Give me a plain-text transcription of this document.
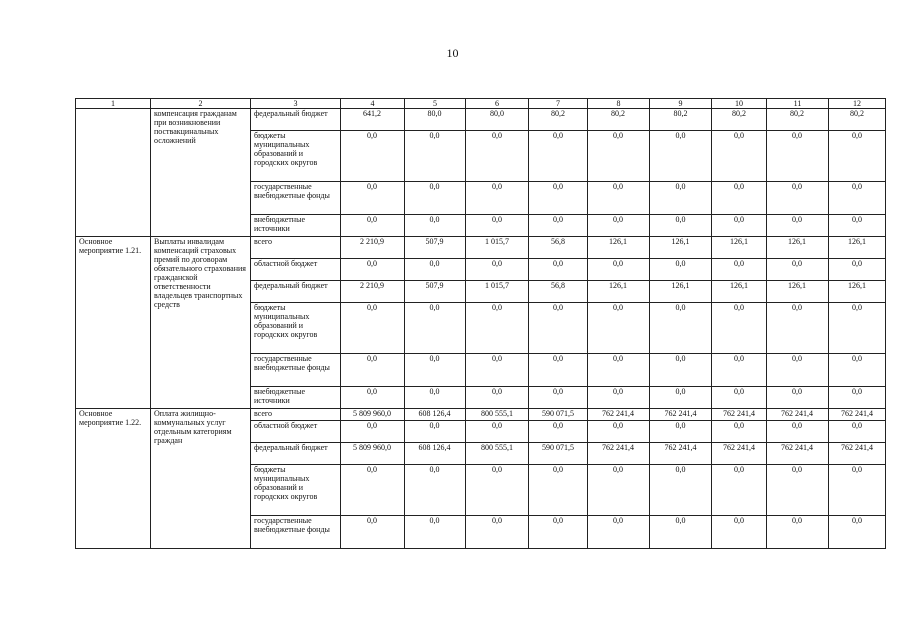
10
1	2	3	4	5	6	7	8	9	10	11	12
	компенсация гражданам при возникновении поствакцинальных осложнений	федеральный бюджет	641,2	80,0	80,0	80,2	80,2	80,2	80,2	80,2	80,2
		бюджеты муниципальных образований и городских округов	0,0	0,0	0,0	0,0	0,0	0,0	0,0	0,0	0,0
		государственные внебюджетные фонды	0,0	0,0	0,0	0,0	0,0	0,0	0,0	0,0	0,0
		внебюджетные источники	0,0	0,0	0,0	0,0	0,0	0,0	0,0	0,0	0,0
Основное мероприятие 1.21.	Выплаты инвалидам компенсаций страховых премий по договорам обязательного страхования гражданской ответственности владельцев транспортных средств	всего	2 210,9	507,9	1 015,7	56,8	126,1	126,1	126,1	126,1	126,1
		областной бюджет	0,0	0,0	0,0	0,0	0,0	0,0	0,0	0,0	0,0
		федеральный бюджет	2 210,9	507,9	1 015,7	56,8	126,1	126,1	126,1	126,1	126,1
		бюджеты муниципальных образований и городских округов	0,0	0,0	0,0	0,0	0,0	0,0	0,0	0,0	0,0
		государственные внебюджетные фонды	0,0	0,0	0,0	0,0	0,0	0,0	0,0	0,0	0,0
		внебюджетные источники	0,0	0,0	0,0	0,0	0,0	0,0	0,0	0,0	0,0
Основное мероприятие 1.22.	Оплата жилищно-коммунальных услуг отдельным категориям граждан	всего	5 809 960,0	608 126,4	800 555,1	590 071,5	762 241,4	762 241,4	762 241,4	762 241,4	762 241,4
		областной бюджет	0,0	0,0	0,0	0,0	0,0	0,0	0,0	0,0	0,0
		федеральный бюджет	5 809 960,0	608 126,4	800 555,1	590 071,5	762 241,4	762 241,4	762 241,4	762 241,4	762 241,4
		бюджеты муниципальных образований и городских округов	0,0	0,0	0,0	0,0	0,0	0,0	0,0	0,0	0,0
		государственные внебюджетные фонды	0,0	0,0	0,0	0,0	0,0	0,0	0,0	0,0	0,0
